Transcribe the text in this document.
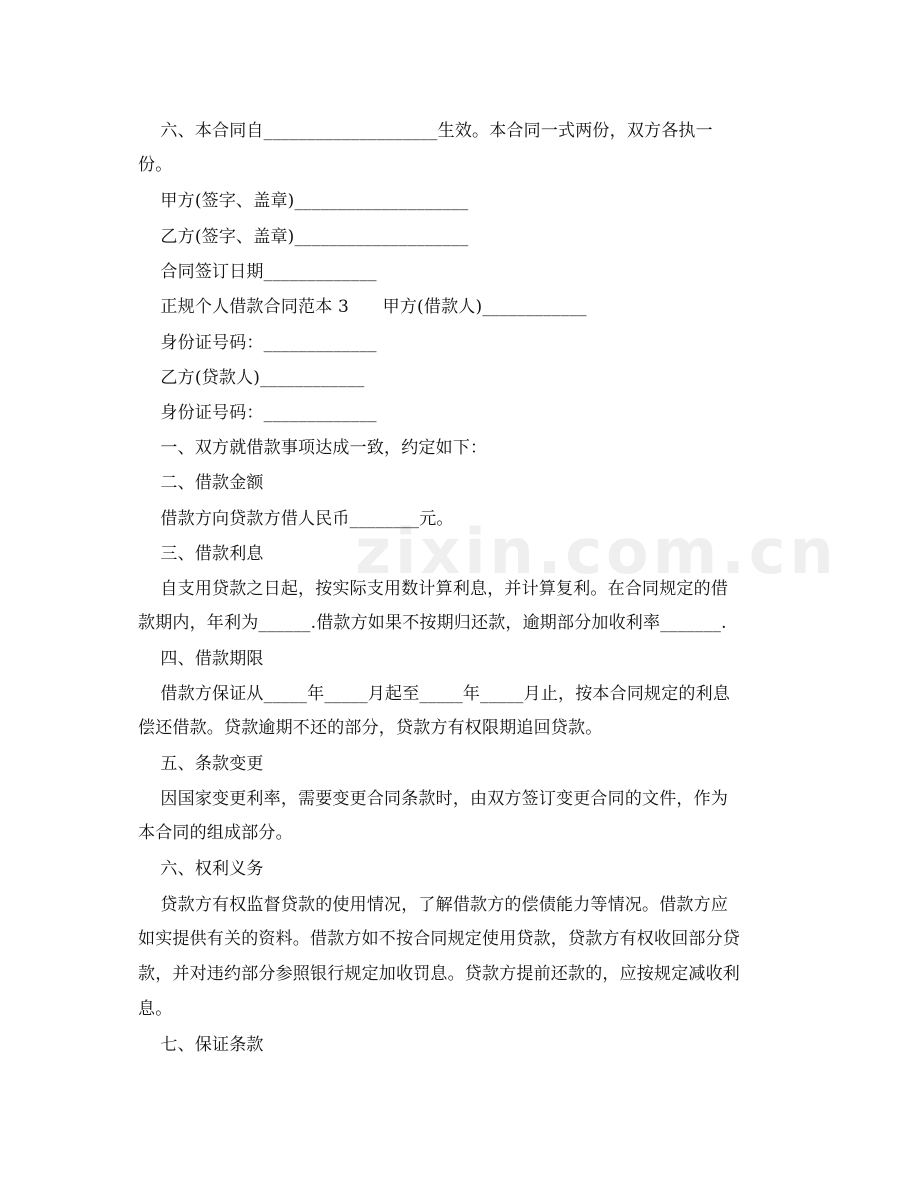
zixin.com.cn
六、本合同自____________________生效。本合同一式两份，双方各执一
份。
甲方(签字、盖章)____________________
乙方(签字、盖章)____________________
合同签订日期_____________
正规个人借款合同范本 3      甲方(借款人)____________
身份证号码：_____________
乙方(贷款人)____________
身份证号码：_____________
一、双方就借款事项达成一致，约定如下：
二、借款金额
借款方向贷款方借人民币________元。
三、借款利息
自支用贷款之日起，按实际支用数计算利息，并计算复利。在合同规定的借
款期内，年利为______.借款方如果不按期归还款，逾期部分加收利率_______.
四、借款期限
借款方保证从_____年_____月起至_____年_____月止，按本合同规定的利息
偿还借款。贷款逾期不还的部分，贷款方有权限期追回贷款。
五、条款变更
因国家变更利率，需要变更合同条款时，由双方签订变更合同的文件，作为
本合同的组成部分。
六、权利义务
贷款方有权监督贷款的使用情况，了解借款方的偿债能力等情况。借款方应
如实提供有关的资料。借款方如不按合同规定使用贷款，贷款方有权收回部分贷
款，并对违约部分参照银行规定加收罚息。贷款方提前还款的，应按规定减收利
息。
七、保证条款
